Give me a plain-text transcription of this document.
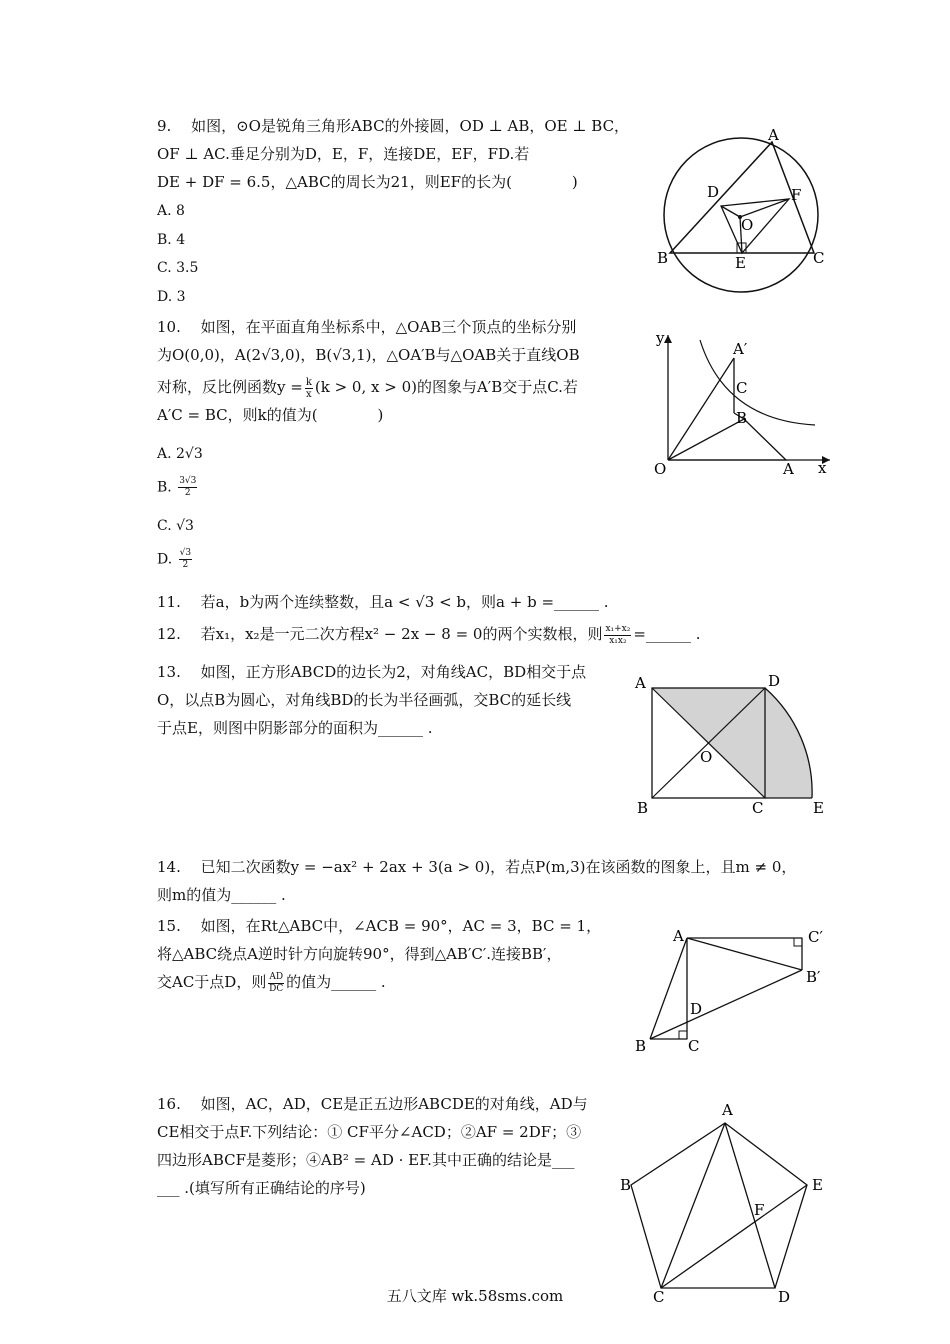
9.　 如图，⊙O是锐角三角形ABC的外接圆，OD ⊥ AB，OE ⊥ BC，
OF ⊥ AC.垂足分别为D，E，F，连接DE，EF，FD.若
DE + DF = 6.5，△ABC的周长为21，则EF的长为(　　　　)
A. 8
B. 4
C. 3.5
D. 3
A
B	C
D
E
F
O
10.　 如图，在平面直角坐标系中，△OAB三个顶点的坐标分别
为O(0,0)，A(2√3,0)，B(√3,1)，△OA′B与△OAB关于直线OB
对称，反比例函数$y = \frac{k}{x} (k > 0$, x > 0)的图象与A′B交于点C.若
A′C = BC，则k的值为(　　　　)
A. 2√3
B. $\frac{3√3}{2}$
C. √3
D. $\frac{√3}{2}$
y
x
O	A
A′
C
B
11.　 若a，b为两个连续整数，且a < √3 < b，则a + b =______ .
12.　 若x₁，x₂是一元二次方程x² − 2x − 8 = 0的两个实数根，则 $\frac{\text{x₁+x₂}}{\text{x₁x₂}}$ =______ .
13.　 如图，正方形ABCD的边长为2，对角线AC，BD相交于点
O，以点B为圆心，对角线BD的长为半径画弧，交BC的延长线
于点E，则图中阴影部分的面积为______ .
A	D
B	C	E
O
14.　 已知二次函数y = −ax² + 2ax + 3(a > 0)，若点P(m,3)在该函数的图象上，且m ≠ 0，
则m的值为______ .
15.　 如图，在Rt△ABC中，∠ACB = 90°，AC = 3，BC = 1，
将△ABC绕点A逆时针方向旋转90°，得到△AB′C′.连接BB′，
交AC于点D，则 $\frac{AD}{DC}$ 的值为______ .
A	C′
B′
D
B	C
16.　 如图，AC，AD，CE是正五边形ABCDE的对角线，AD与
CE相交于点F.下列结论：① CF平分∠ACD；②AF = 2DF；③
四边形ABCF是菱形；④AB² = AD · EF.其中正确的结论是___
___ .(填写所有正确结论的序号)
A
B	E
F
C	D
五八文库 wk.58sms.com
